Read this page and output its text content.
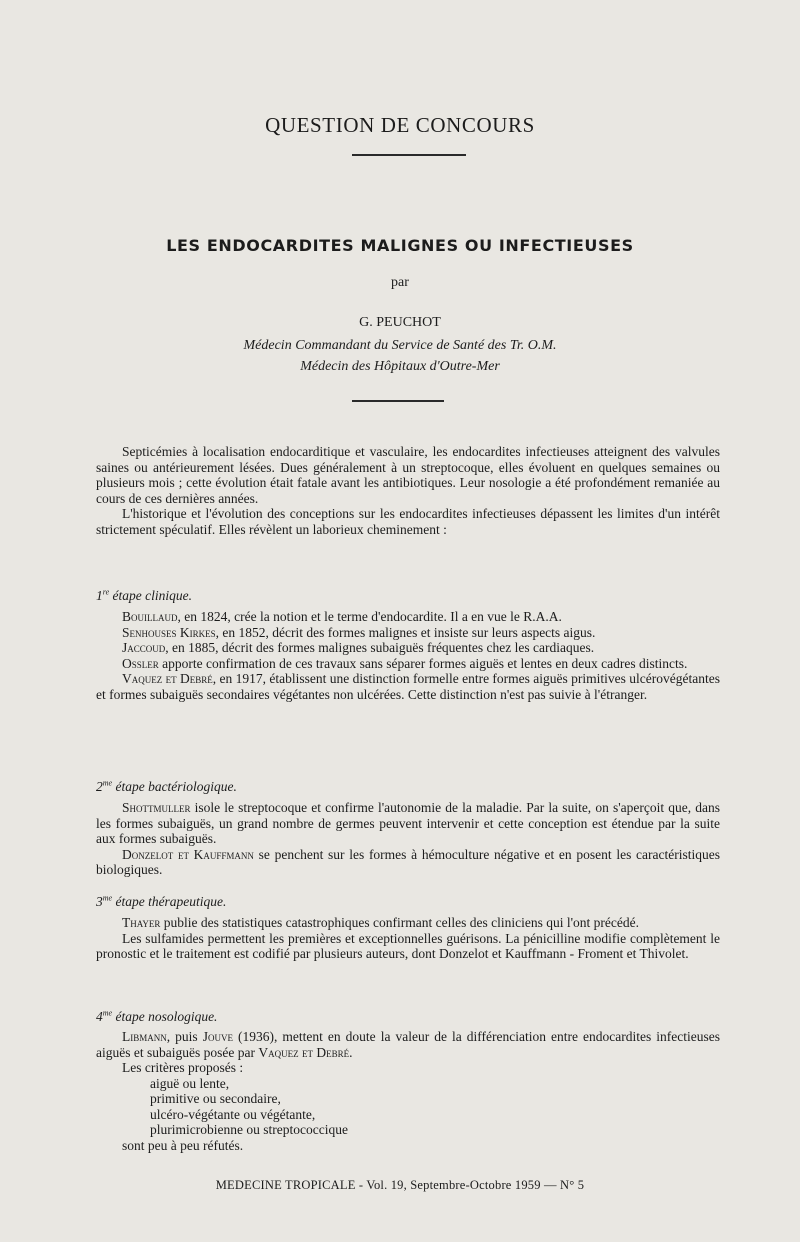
QUESTION DE CONCOURS
LES ENDOCARDITES MALIGNES OU INFECTIEUSES
par
G. PEUCHOT
Médecin Commandant du Service de Santé des Tr. O.M.
Médecin des Hôpitaux d'Outre-Mer

Septicémies à localisation endocarditique et vasculaire, les endocardites infectieuses atteignent des valvules saines ou antérieurement lésées. Dues généralement à un streptocoque, elles évoluent en quelques semaines ou plusieurs mois ; cette évolution était fatale avant les antibiotiques. Leur nosologie a été profondément remaniée au cours de ces dernières années.

L'historique et l'évolution des conceptions sur les endocardites infectieuses dépassent les limites d'un intérêt strictement spéculatif. Elles révèlent un laborieux cheminement :

1re étape clinique.

Bouillaud, en 1824, crée la notion et le terme d'endocardite. Il a en vue le R.A.A.

Senhouses Kirkes, en 1852, décrit des formes malignes et insiste sur leurs aspects aigus.

Jaccoud, en 1885, décrit des formes malignes subaiguës fréquentes chez les cardiaques.

Ossler apporte confirmation de ces travaux sans séparer formes aiguës et lentes en deux cadres distincts.

Vaquez et Debré, en 1917, établissent une distinction formelle entre formes aiguës primitives ulcérovégétantes et formes subaiguës secondaires végétantes non ulcérées. Cette distinction n'est pas suivie à l'étranger.

$2^{me}$ étape bactériologique.

Shottmuller isole le streptocoque et confirme l'autonomie de la maladie. Par la suite, on s'aperçoit que, dans les formes subaiguës, un grand nombre de germes peuvent intervenir et cette conception est étendue par la suite aux formes subaiguës.

Donzelot et Kauffmann se penchent sur les formes à hémoculture négative et en posent les caractéristiques biologiques.

$3^{me}$ étape thérapeutique.

Thayer publie des statistiques catastrophiques confirmant celles des cliniciens qui l'ont précédé.

Les sulfamides permettent les premières et exceptionnelles guérisons. La pénicilline modifie complètement le pronostic et le traitement est codifié par plusieurs auteurs, dont Donzelot et Kauffmann - Froment et Thivolet.

$4^{me}$ étape nosologique.

Libmann, puis Jouve (1936), mettent en doute la valeur de la différenciation entre endocardites infectieuses aiguës et subaiguës posée par Vaquez et Debré.

Les critères proposés :

aiguë ou lente,
primitive ou secondaire,
ulcéro-végétante ou végétante,
plurimicrobienne ou streptococcique

sont peu à peu réfutés.

MEDECINE TROPICALE - Vol. 19, Septembre-Octobre 1959 — N° 5
